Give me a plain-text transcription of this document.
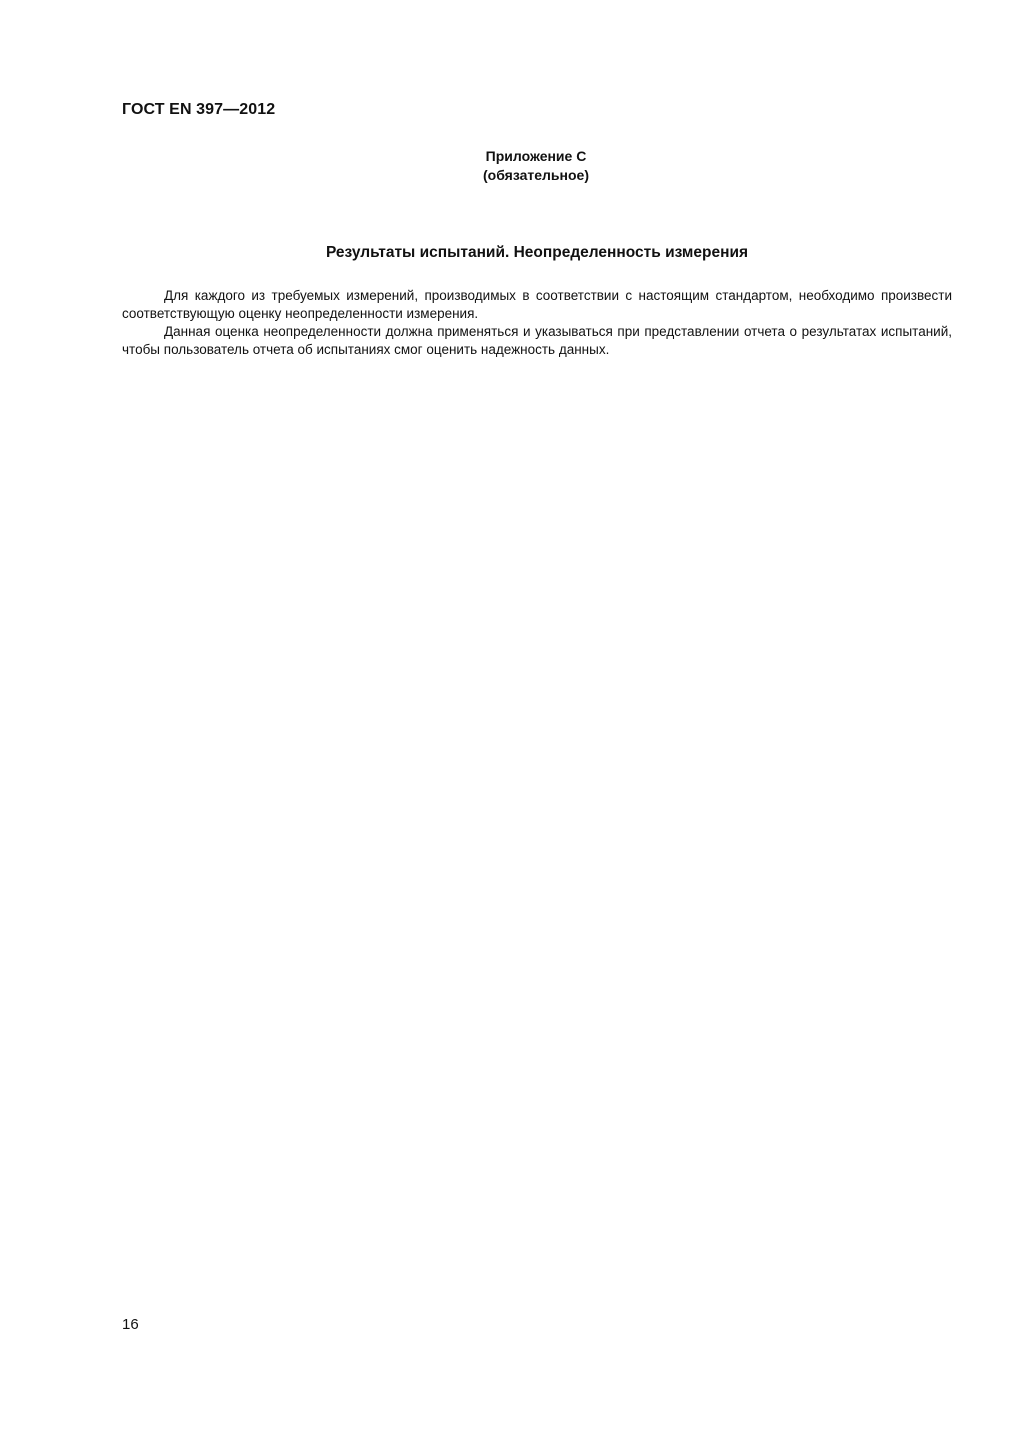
ГОСТ EN 397—2012
Приложение С
(обязательное)
Результаты испытаний. Неопределенность измерения

Для каждого из требуемых измерений, производимых в соответствии с настоящим стандартом, необходимо произвести соответствующую оценку неопределенности измерения.

Данная оценка неопределенности должна применяться и указываться при представлении отчета о результатах испытаний, чтобы пользователь отчета об испытаниях смог оценить надежность данных.

16
